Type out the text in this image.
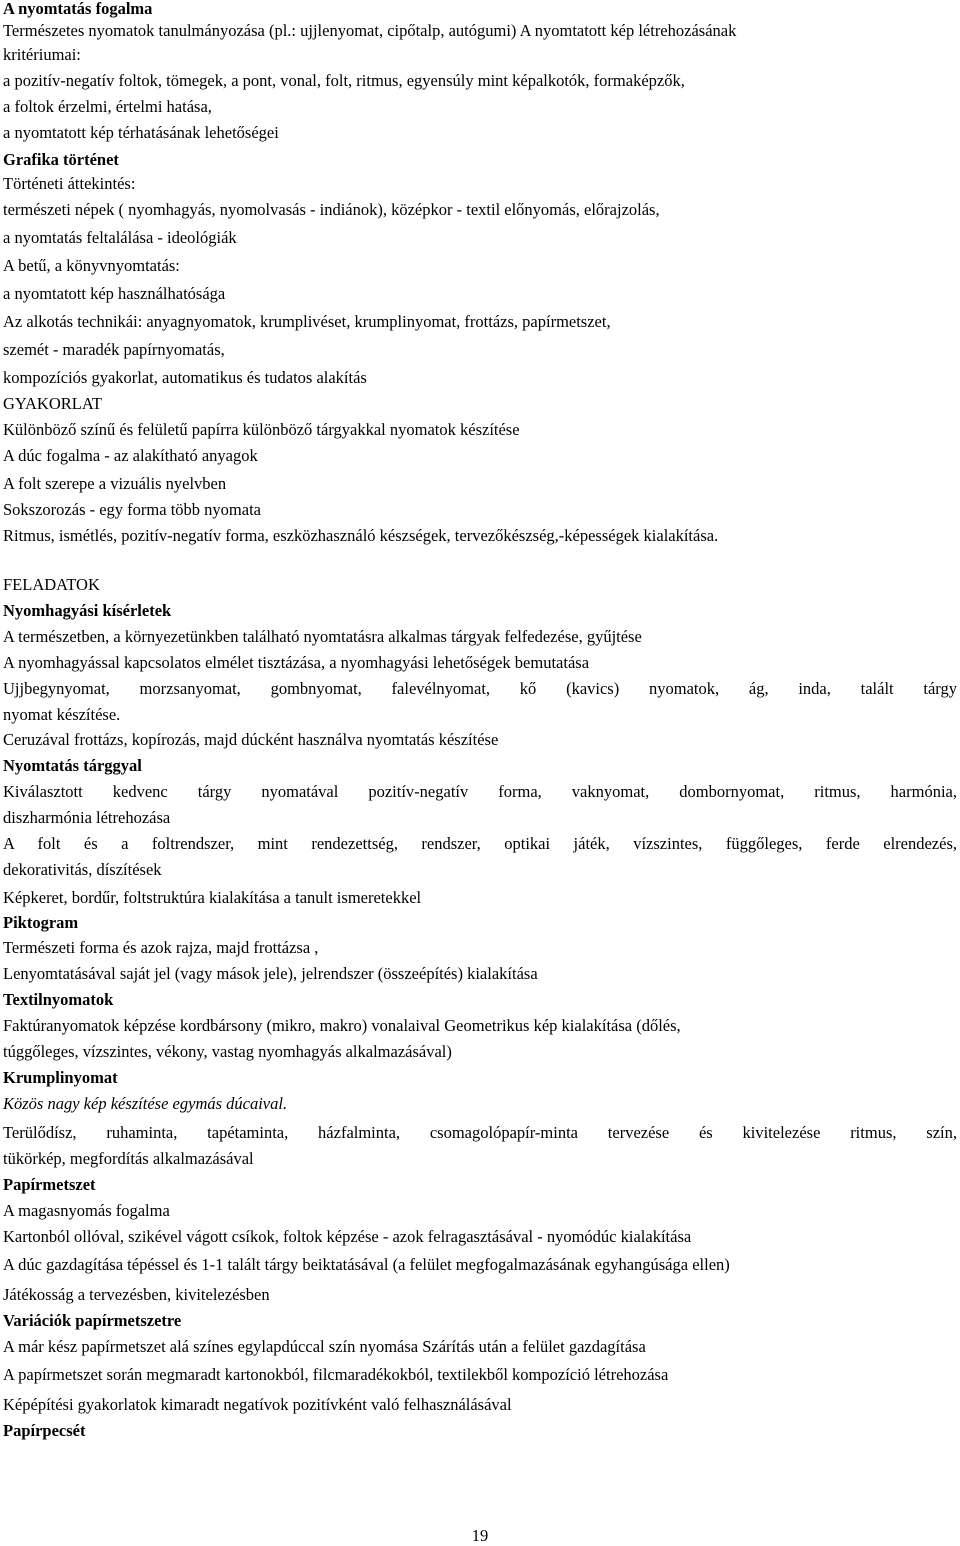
A nyomtatás fogalma
Természetes nyomatok tanulmányozása (pl.: ujjlenyomat, cipőtalp, autógumi) A nyomtatott kép létrehozásának
kritériumai:
a pozitív-negatív foltok, tömegek, a pont, vonal, folt, ritmus, egyensúly mint képalkotók, formaképzők,
a foltok érzelmi, értelmi hatása,
a nyomtatott kép térhatásának lehetőségei
Grafika történet
Történeti áttekintés:
természeti népek ( nyomhagyás, nyomolvasás - indiánok), középkor - textil előnyomás, előrajzolás,
a nyomtatás feltalálása - ideológiák
A betű, a könyvnyomtatás:
a nyomtatott kép használhatósága
Az alkotás technikái: anyagnyomatok, krumplivéset, krumplinyomat, frottázs, papírmetszet,
szemét - maradék papírnyomatás,
kompozíciós gyakorlat, automatikus és tudatos alakítás
GYAKORLAT
Különböző színű és felületű papírra különböző tárgyakkal nyomatok készítése
A dúc fogalma - az alakítható anyagok
A folt szerepe a vizuális nyelvben
Sokszorozás - egy forma több nyomata
Ritmus, ismétlés, pozitív-negatív forma, eszközhasználó készségek, tervezőkészség,-képességek kialakítása.
FELADATOK
Nyomhagyási kísérletek
A természetben, a környezetünkben található nyomtatásra alkalmas tárgyak felfedezése, gyűjtése
A nyomhagyással kapcsolatos elmélet tisztázása, a nyomhagyási lehetőségek bemutatása
Ujjbegynyomat, morzsanyomat, gombnyomat, falevélnyomat, kő (kavics) nyomatok, ág, inda, talált tárgy
nyomat készítése.
Ceruzával frottázs, kopírozás, majd dúcként használva nyomtatás készítése
Nyomtatás tárggyal
Kiválasztott kedvenc tárgy nyomatával pozitív-negatív forma, vaknyomat, dombornyomat, ritmus, harmónia,
diszharmónia létrehozása
A folt és a foltrendszer, mint rendezettség, rendszer, optikai játék, vízszintes, függőleges, ferde elrendezés,
dekorativitás, díszítések
Képkeret, bordűr, foltstruktúra kialakítása a tanult ismeretekkel
Piktogram
Természeti forma és azok rajza, majd frottázsa ,
Lenyomtatásával saját jel (vagy mások jele), jelrendszer (összeépítés) kialakítása
Textilnyomatok
Faktúranyomatok képzése kordbársony (mikro, makro) vonalaival Geometrikus kép kialakítása (dőlés,
túggőleges, vízszintes, vékony, vastag nyomhagyás alkalmazásával)
Krumplinyomat
Közös nagy kép készítése egymás dúcaival.
Terülődísz, ruhaminta, tapétaminta, házfalminta, csomagolópapír-minta tervezése és kivitelezése ritmus, szín,
tükörkép, megfordítás alkalmazásával
Papírmetszet
A magasnyomás fogalma
Kartonból ollóval, szikével vágott csíkok, foltok képzése - azok felragasztásával - nyomódúc kialakítása
A dúc gazdagítása tépéssel és 1-1 talált tárgy beiktatásával (a felület megfogalmazásának egyhangúsága ellen)
Játékosság a tervezésben, kivitelezésben
Variációk papírmetszetre
A már kész papírmetszet alá színes egylapdúccal szín nyomása Szárítás után a felület gazdagítása
A papírmetszet során megmaradt kartonokból, filcmaradékokból, textilekből kompozíció létrehozása
Képépítési gyakorlatok kimaradt negatívok pozitívként való felhasználásával
Papírpecsét
19
